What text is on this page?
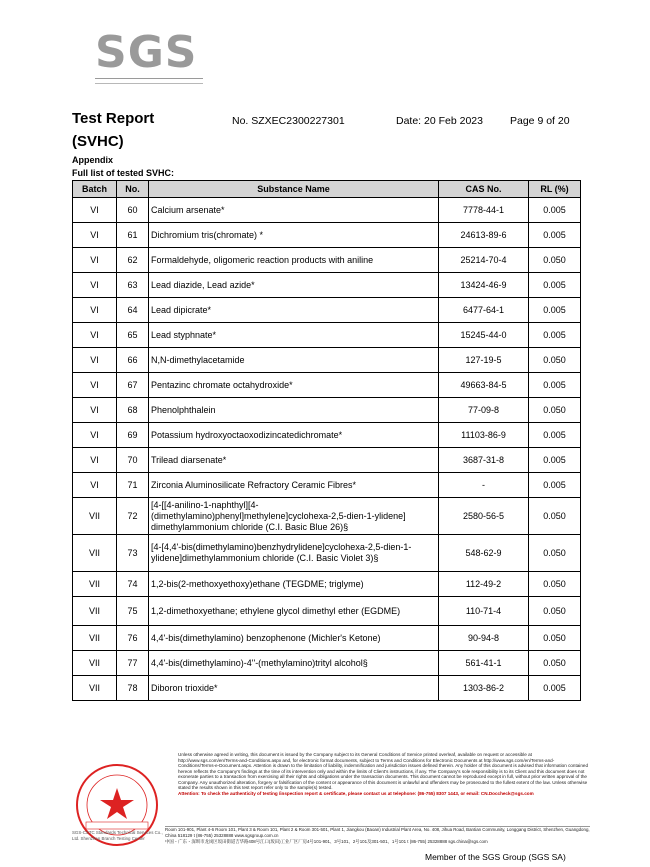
SGS
Test Report
(SVHC)
No. SZXEC2300227301	Date: 20 Feb 2023	Page 9 of 20
Appendix
Full list of tested SVHC:
Batch	No.	Substance Name	CAS No.	RL (%)
VI	60	Calcium arsenate*	7778-44-1	0.005
VI	61	Dichromium tris(chromate) *	24613-89-6	0.005
VI	62	Formaldehyde, oligomeric reaction products with aniline	25214-70-4	0.050
VI	63	Lead diazide, Lead azide*	13424-46-9	0.005
VI	64	Lead dipicrate*	6477-64-1	0.005
VI	65	Lead styphnate*	15245-44-0	0.005
VI	66	N,N-dimethylacetamide	127-19-5	0.050
VI	67	Pentazinc chromate octahydroxide*	49663-84-5	0.005
VI	68	Phenolphthalein	77-09-8	0.050
VI	69	Potassium hydroxyoctaoxodizincatedichromate*	11103-86-9	0.005
VI	70	Trilead diarsenate*	3687-31-8	0.005
VI	71	Zirconia Aluminosilicate Refractory Ceramic Fibres*	-	0.005
VII	72	[4-[[4-anilino-1-naphthyl][4-(dimethylamino)phenyl]methylene]cyclohexa-2,5-dien-1-ylidene] dimethylammonium chloride (C.I. Basic Blue 26)§	2580-56-5	0.050
VII	73	[4-[4,4'-bis(dimethylamino)benzhydrylidene]cyclohexa-2,5-dien-1-ylidene]dimethylammonium chloride (C.I. Basic Violet 3)§	548-62-9	0.050
VII	74	1,2-bis(2-methoxyethoxy)ethane (TEGDME; triglyme)	112-49-2	0.050
VII	75	1,2-dimethoxyethane; ethylene glycol dimethyl ether (EGDME)	110-71-4	0.050
VII	76	4,4'-bis(dimethylamino) benzophenone (Michler's Ketone)	90-94-8	0.050
VII	77	4,4'-bis(dimethylamino)-4''-(methylamino)trityl alcohol§	561-41-1	0.050
VII	78	Diboron trioxide*	1303-86-2	0.005
Unless otherwise agreed in writing, this document is issued by the Company subject to its General Conditions of Service printed overleaf, available on request or accessible at http://www.sgs.com/en/Terms-and-Conditions.aspx and, for electronic format documents, subject to Terms and Conditions for Electronic Documents at http://www.sgs.com/en/Terms-and-Conditions/Terms-e-Document.aspx. Attention is drawn to the limitation of liability, indemnification and jurisdiction issues defined therein. Any holder of this document is advised that information contained hereon reflects the Company's findings at the time of its intervention only and within the limits of Client's instructions, if any. The Company's sole responsibility is to its Client and this document does not exonerate parties to a transaction from exercising all their rights and obligations under the transaction documents. This document cannot be reproduced except in full, without prior written approval of the Company. Any unauthorized alteration, forgery or falsification of the content or appearance of this document is unlawful and offenders may be prosecuted to the fullest extent of the law. Unless otherwise stated the results shown in this test report refer only to the sample(s) tested.
Attention: To check the authenticity of testing /inspection report & certificate, please contact us at telephone: (86-755) 8307 1443, or email: CN.Doccheck@sgs.com
SGS-CSTC Standards Technical Services Co., Ltd. Shenzhen Branch Testing Center
Room 101-901, Plant 4-6 Room 101, Plant 3 & Room 101, Plant 2 & Room 301-501, Plant 1, Jiangkou (Baoan) Industrial Plant Area, No. 408, Jihua Road, Bantian Community, Longgang District, Shenzhen, Guangdong, China 518129 t (86-755) 25328888 www.sgsgroup.com.cn
中国・广东・深圳市龙岗区坂田街道吉华路408号江口(坂田)工业厂区厂房4号101-901、3号101、2号101及301-501、1号101 t (86-755) 25328888 sgs.china@sgs.com
Member of the SGS Group (SGS SA)
